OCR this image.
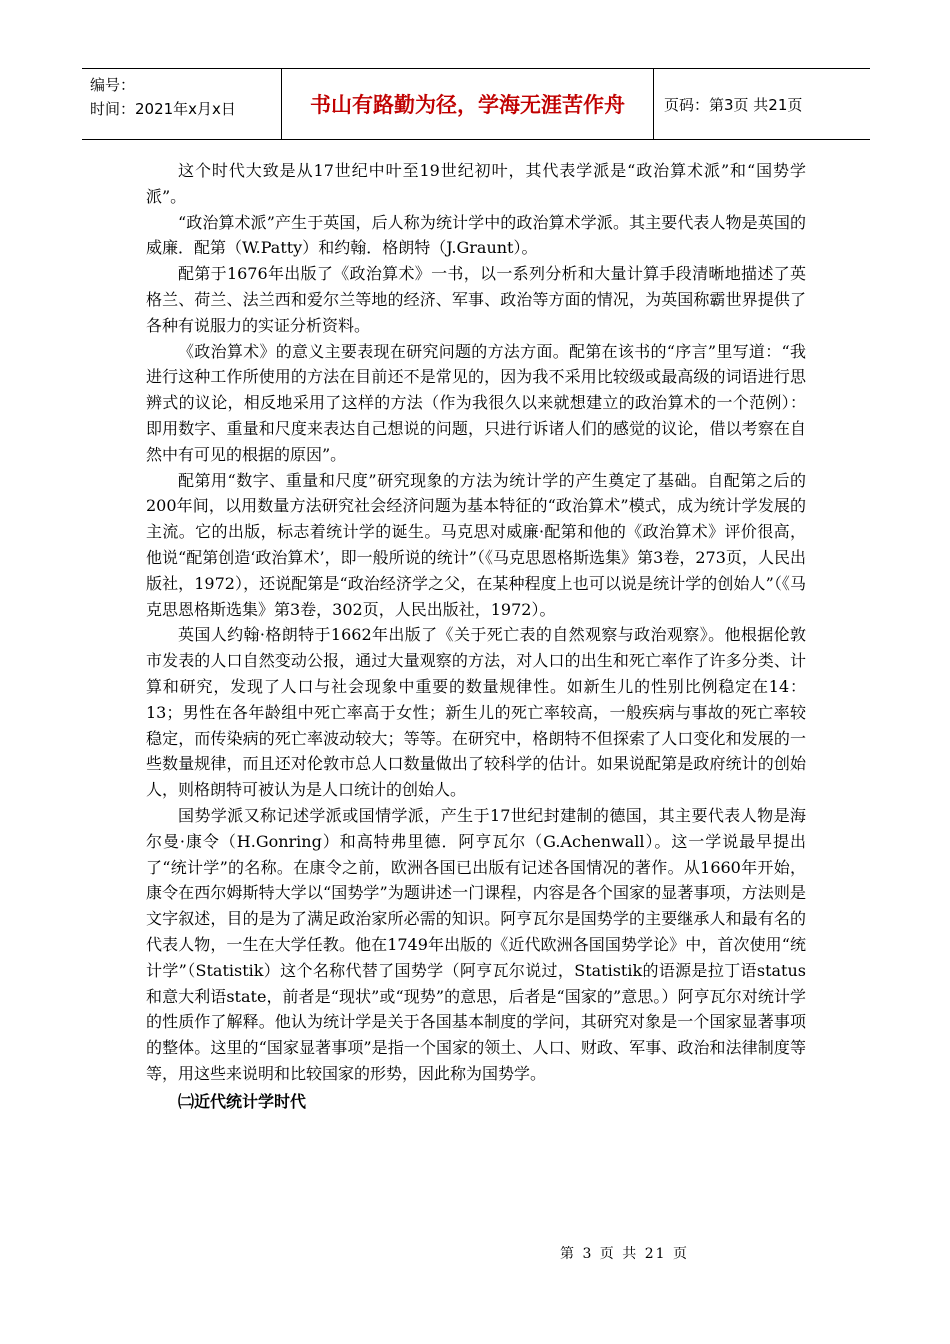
编号：
时间：2021年x月x日	书山有路勤为径，学海无涯苦作舟	页码：第3页 共21页

这个时代大致是从17世纪中叶至19世纪初叶，其代表学派是“政治算术派”和“国势学派”。

“政治算术派”产生于英国，后人称为统计学中的政治算术学派。其主要代表人物是英国的威廉．配第（W.Patty）和约翰．格朗特（J.Graunt）。

配第于1676年出版了《政治算术》一书，以一系列分析和大量计算手段清晰地描述了英格兰、荷兰、法兰西和爱尔兰等地的经济、军事、政治等方面的情况，为英国称霸世界提供了各种有说服力的实证分析资料。

《政治算术》的意义主要表现在研究问题的方法方面。配第在该书的“序言”里写道：“我进行这种工作所使用的方法在目前还不是常见的，因为我不采用比较级或最高级的词语进行思辨式的议论，相反地采用了这样的方法（作为我很久以来就想建立的政治算术的一个范例）：即用数字、重量和尺度来表达自己想说的问题，只进行诉诸人们的感觉的议论，借以考察在自然中有可见的根据的原因”。

配第用“数字、重量和尺度”研究现象的方法为统计学的产生奠定了基础。自配第之后的200年间，以用数量方法研究社会经济问题为基本特征的“政治算术”模式，成为统计学发展的主流。它的出版，标志着统计学的诞生。马克思对威廉·配第和他的《政治算术》评价很高，他说“配第创造‘政治算术’，即一般所说的统计”（《马克思恩格斯选集》第3卷，273页，人民出版社，1972），还说配第是“政治经济学之父，在某种程度上也可以说是统计学的创始人”（《马克思恩格斯选集》第3卷，302页，人民出版社，1972）。

英国人约翰·格朗特于1662年出版了《关于死亡表的自然观察与政治观察》。他根据伦敦市发表的人口自然变动公报，通过大量观察的方法，对人口的出生和死亡率作了许多分类、计算和研究，发现了人口与社会现象中重要的数量规律性。如新生儿的性别比例稳定在14：13；男性在各年龄组中死亡率高于女性；新生儿的死亡率较高，一般疾病与事故的死亡率较稳定，而传染病的死亡率波动较大；等等。在研究中，格朗特不但探索了人口变化和发展的一些数量规律，而且还对伦敦市总人口数量做出了较科学的估计。如果说配第是政府统计的创始人，则格朗特可被认为是人口统计的创始人。

国势学派又称记述学派或国情学派，产生于17世纪封建制的德国，其主要代表人物是海尔曼·康令（H.Gonring）和高特弗里德．阿亨瓦尔（G.Achenwall）。这一学说最早提出了“统计学”的名称。在康令之前，欧洲各国已出版有记述各国情况的著作。从1660年开始，康令在西尔姆斯特大学以“国势学”为题讲述一门课程，内容是各个国家的显著事项，方法则是文字叙述，目的是为了满足政治家所必需的知识。阿亨瓦尔是国势学的主要继承人和最有名的代表人物，一生在大学任教。他在1749年出版的《近代欧洲各国国势学论》中，首次使用“统计学”（Statistik）这个名称代替了国势学（阿亨瓦尔说过，Statistik的语源是拉丁语status和意大利语state，前者是“现状”或“现势”的意思，后者是“国家的”意思。）阿亨瓦尔对统计学的性质作了解释。他认为统计学是关于各国基本制度的学问，其研究对象是一个国家显著事项的整体。这里的“国家显著事项”是指一个国家的领土、人口、财政、军事、政治和法律制度等等，用这些来说明和比较国家的形势，因此称为国势学。

㈡近代统计学时代

第 3 页 共 21 页
